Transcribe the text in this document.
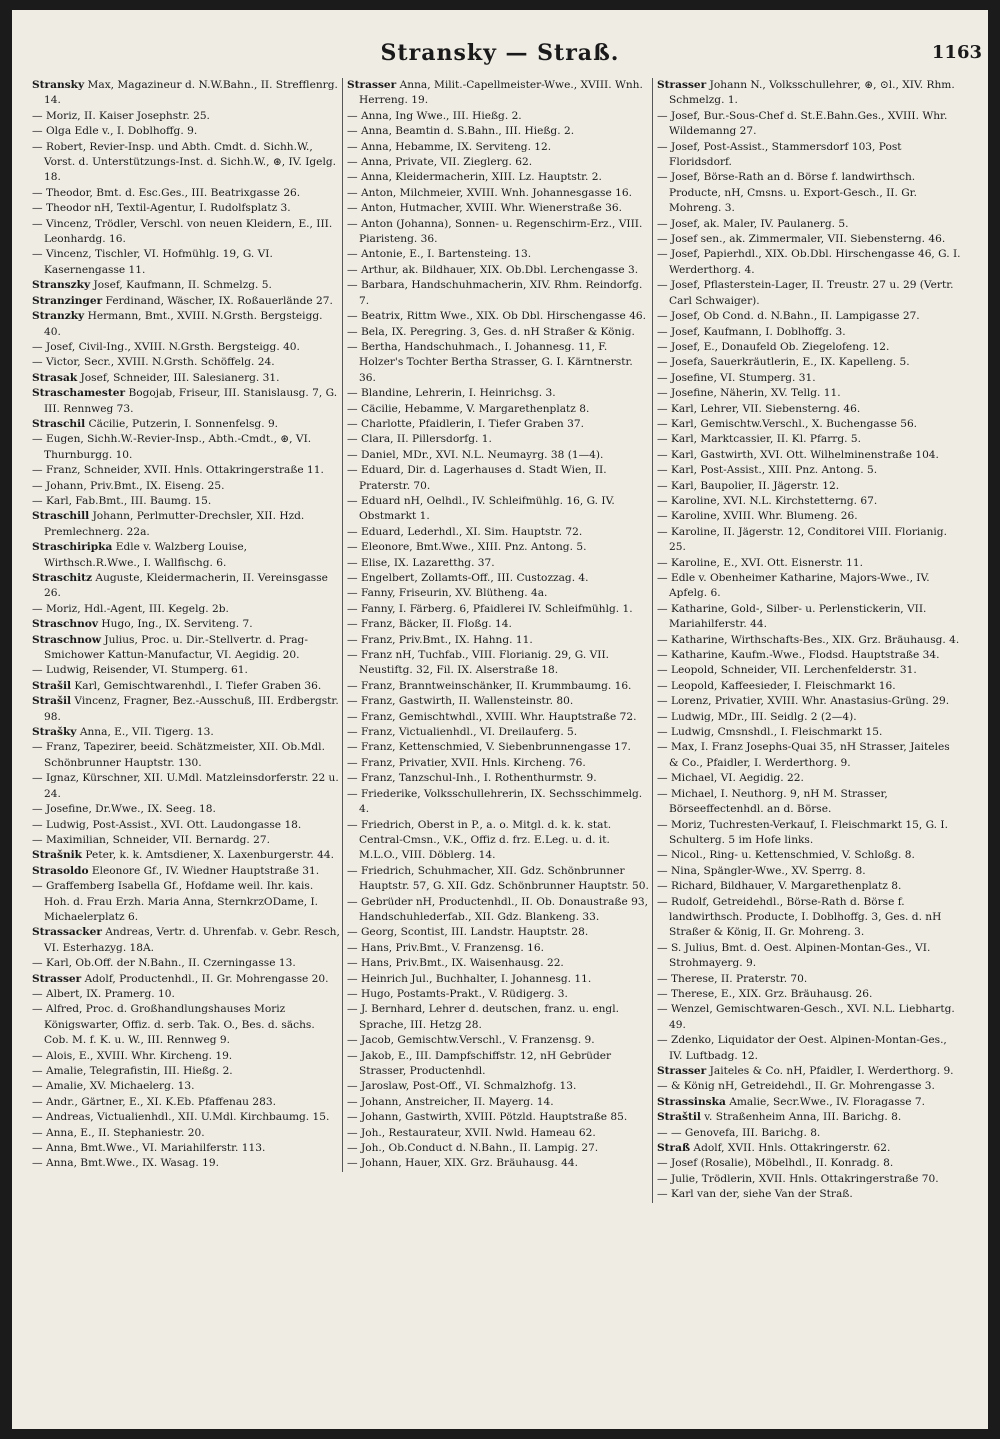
Stransky — Straß.	1163

Stransky Max, Magazineur d. N.W.Bahn., II. Strefflenrg. 14.

— Moriz, II. Kaiser Josephstr. 25.

— Olga Edle v., I. Doblhoffg. 9.

— Robert, Revier-Insp. und Abth. Cmdt. d. Sichh.W., Vorst. d. Unterstützungs-Inst. d. Sichh.W., ⊛, IV. Igelg. 18.

— Theodor, Bmt. d. Esc.Ges., III. Beatrixgasse 26.

— Theodor nH, Textil-Agentur, I. Rudolfsplatz 3.

— Vincenz, Trödler, Verschl. von neuen Kleidern, E., III. Leonhardg. 16.

— Vincenz, Tischler, VI. Hofmühlg. 19, G. VI. Kasernengasse 11.

Stranszky Josef, Kaufmann, II. Schmelzg. 5.

Stranzinger Ferdinand, Wäscher, IX. Roßauerlände 27.

Stranzky Hermann, Bmt., XVIII. N.Grsth. Bergsteigg. 40.

— Josef, Civil-Ing., XVIII. N.Grsth. Bergsteigg. 40.

— Victor, Secr., XVIII. N.Grsth. Schöffelg. 24.

Strasak Josef, Schneider, III. Salesianerg. 31.

Straschamester Bogojab, Friseur, III. Stanislausg. 7, G. III. Rennweg 73.

Straschil Cäcilie, Putzerin, I. Sonnenfelsg. 9.

— Eugen, Sichh.W.-Revier-Insp., Abth.-Cmdt., ⊛, VI. Thurnburgg. 10.

— Franz, Schneider, XVII. Hnls. Ottakringerstraße 11.

— Johann, Priv.Bmt., IX. Eiseng. 25.

— Karl, Fab.Bmt., III. Baumg. 15.

Straschill Johann, Perlmutter-Drechsler, XII. Hzd. Premlechnerg. 22a.

Straschiripka Edle v. Walzberg Louise, Wirthsch.R.Wwe., I. Wallfischg. 6.

Straschitz Auguste, Kleidermacherin, II. Vereinsgasse 26.

— Moriz, Hdl.-Agent, III. Kegelg. 2b.

Straschnov Hugo, Ing., IX. Serviteng. 7.

Straschnow Julius, Proc. u. Dir.-Stellvertr. d. Prag-Smichower Kattun-Manufactur, VI. Aegidig. 20.

— Ludwig, Reisender, VI. Stumperg. 61.

Strašil Karl, Gemischtwarenhdl., I. Tiefer Graben 36.

Strašil Vincenz, Fragner, Bez.-Ausschuß, III. Erdbergstr. 98.

Strašky Anna, E., VII. Tigerg. 13.

— Franz, Tapezirer, beeid. Schätzmeister, XII. Ob.Mdl. Schönbrunner Hauptstr. 130.

— Ignaz, Kürschner, XII. U.Mdl. Matzleinsdorferstr. 22 u. 24.

— Josefine, Dr.Wwe., IX. Seeg. 18.

— Ludwig, Post-Assist., XVI. Ott. Laudongasse 18.

— Maximilian, Schneider, VII. Bernardg. 27.

Strašnik Peter, k. k. Amtsdiener, X. Laxenburgerstr. 44.

Strasoldo Eleonore Gf., IV. Wiedner Hauptstraße 31.

— Graffemberg Isabella Gf., Hofdame weil. Ihr. kais. Hoh. d. Frau Erzh. Maria Anna, SternkrzODame, I. Michaelerplatz 6.

Strassacker Andreas, Vertr. d. Uhrenfab. v. Gebr. Resch, VI. Esterhazyg. 18A.

— Karl, Ob.Off. der N.Bahn., II. Czerningasse 13.

Strasser Adolf, Productenhdl., II. Gr. Mohrengasse 20.

— Albert, IX. Pramerg. 10.

— Alfred, Proc. d. Großhandlungshauses Moriz Königswarter, Offiz. d. serb. Tak. O., Bes. d. sächs. Cob. M. f. K. u. W., III. Rennweg 9.

— Alois, E., XVIII. Whr. Kircheng. 19.

— Amalie, Telegrafistin, III. Hießg. 2.

— Amalie, XV. Michaelerg. 13.

— Andr., Gärtner, E., XI. K.Eb. Pfaffenau 283.

— Andreas, Victualienhdl., XII. U.Mdl. Kirchbaumg. 15.

— Anna, E., II. Stephaniestr. 20.

— Anna, Bmt.Wwe., VI. Mariahilferstr. 113.

— Anna, Bmt.Wwe., IX. Wasag. 19.

Strasser Anna, Milit.-Capellmeister-Wwe., XVIII. Wnh. Herreng. 19.

— Anna, Ing Wwe., III. Hießg. 2.

— Anna, Beamtin d. S.Bahn., III. Hießg. 2.

— Anna, Hebamme, IX. Serviteng. 12.

— Anna, Private, VII. Zieglerg. 62.

— Anna, Kleidermacherin, XIII. Lz. Hauptstr. 2.

— Anton, Milchmeier, XVIII. Wnh. Johannesgasse 16.

— Anton, Hutmacher, XVIII. Whr. Wienerstraße 36.

— Anton (Johanna), Sonnen- u. Regenschirm-Erz., VIII. Piaristeng. 36.

— Antonie, E., I. Bartensteing. 13.

— Arthur, ak. Bildhauer, XIX. Ob.Dbl. Lerchengasse 3.

— Barbara, Handschuhmacherin, XIV. Rhm. Reindorfg. 7.

— Beatrix, Rittm Wwe., XIX. Ob Dbl. Hirschengasse 46.

— Bela, IX. Peregring. 3, Ges. d. nH Straßer & König.

— Bertha, Handschuhmach., I. Johannesg. 11, F. Holzer's Tochter Bertha Strasser, G. I. Kärntnerstr. 36.

— Blandine, Lehrerin, I. Heinrichsg. 3.

— Cäcilie, Hebamme, V. Margarethenplatz 8.

— Charlotte, Pfaidlerin, I. Tiefer Graben 37.

— Clara, II. Pillersdorfg. 1.

— Daniel, MDr., XVI. N.L. Neumayrg. 38 (1—4).

— Eduard, Dir. d. Lagerhauses d. Stadt Wien, II. Praterstr. 70.

— Eduard nH, Oelhdl., IV. Schleifmühlg. 16, G. IV. Obstmarkt 1.

— Eduard, Lederhdl., XI. Sim. Hauptstr. 72.

— Eleonore, Bmt.Wwe., XIII. Pnz. Antong. 5.

— Elise, IX. Lazaretthg. 37.

— Engelbert, Zollamts-Off., III. Custozzag. 4.

— Fanny, Friseurin, XV. Blütheng. 4a.

— Fanny, I. Färberg. 6, Pfaidlerei IV. Schleifmühlg. 1.

— Franz, Bäcker, II. Floßg. 14.

— Franz, Priv.Bmt., IX. Hahng. 11.

— Franz nH, Tuchfab., VIII. Florianig. 29, G. VII. Neustiftg. 32, Fil. IX. Alserstraße 18.

— Franz, Branntweinschänker, II. Krummbaumg. 16.

— Franz, Gastwirth, II. Wallensteinstr. 80.

— Franz, Gemischtwhdl., XVIII. Whr. Hauptstraße 72.

— Franz, Victualienhdl., VI. Dreilauferg. 5.

— Franz, Kettenschmied, V. Siebenbrunnengasse 17.

— Franz, Privatier, XVII. Hnls. Kircheng. 76.

— Franz, Tanzschul-Inh., I. Rothenthurmstr. 9.

— Friederike, Volksschullehrerin, IX. Sechsschimmelg. 4.

— Friedrich, Oberst in P., a. o. Mitgl. d. k. k. stat. Central-Cmsn., V.K., Offiz d. frz. E.Leg. u. d. it. M.L.O., VIII. Döblerg. 14.

— Friedrich, Schuhmacher, XII. Gdz. Schönbrunner Hauptstr. 57, G. XII. Gdz. Schönbrunner Hauptstr. 50.

— Gebrüder nH, Productenhdl., II. Ob. Donaustraße 93, Handschuhlederfab., XII. Gdz. Blankeng. 33.

— Georg, Scontist, III. Landstr. Hauptstr. 28.

— Hans, Priv.Bmt., V. Franzensg. 16.

— Hans, Priv.Bmt., IX. Waisenhausg. 22.

— Heinrich Jul., Buchhalter, I. Johannesg. 11.

— Hugo, Postamts-Prakt., V. Rüdigerg. 3.

— J. Bernhard, Lehrer d. deutschen, franz. u. engl. Sprache, III. Hetzg 28.

— Jacob, Gemischtw.Verschl., V. Franzensg. 9.

— Jakob, E., III. Dampfschiffstr. 12, nH Gebrüder Strasser, Productenhdl.

— Jaroslaw, Post-Off., VI. Schmalzhofg. 13.

— Johann, Anstreicher, II. Mayerg. 14.

— Johann, Gastwirth, XVIII. Pötzld. Hauptstraße 85.

— Joh., Restaurateur, XVII. Nwld. Hameau 62.

— Joh., Ob.Conduct d. N.Bahn., II. Lampig. 27.

— Johann, Hauer, XIX. Grz. Bräuhausg. 44.

Strasser Johann N., Volksschullehrer, ⊛, ⊙l., XIV. Rhm. Schmelzg. 1.

— Josef, Bur.-Sous-Chef d. St.E.Bahn.Ges., XVIII. Whr. Wildemanng 27.

— Josef, Post-Assist., Stammersdorf 103, Post Floridsdorf.

— Josef, Börse-Rath an d. Börse f. landwirthsch. Producte, nH, Cmsns. u. Export-Gesch., II. Gr. Mohreng. 3.

— Josef, ak. Maler, IV. Paulanerg. 5.

— Josef sen., ak. Zimmermaler, VII. Siebensterng. 46.

— Josef, Papierhdl., XIX. Ob.Dbl. Hirschengasse 46, G. I. Werderthorg. 4.

— Josef, Pflasterstein-Lager, II. Treustr. 27 u. 29 (Vertr. Carl Schwaiger).

— Josef, Ob Cond. d. N.Bahn., II. Lampigasse 27.

— Josef, Kaufmann, I. Doblhoffg. 3.

— Josef, E., Donaufeld Ob. Ziegelofeng. 12.

— Josefa, Sauerkräutlerin, E., IX. Kapelleng. 5.

— Josefine, VI. Stumperg. 31.

— Josefine, Näherin, XV. Tellg. 11.

— Karl, Lehrer, VII. Siebensterng. 46.

— Karl, Gemischtw.Verschl., X. Buchengasse 56.

— Karl, Marktcassier, II. Kl. Pfarrg. 5.

— Karl, Gastwirth, XVI. Ott. Wilhelminenstraße 104.

— Karl, Post-Assist., XIII. Pnz. Antong. 5.

— Karl, Baupolier, II. Jägerstr. 12.

— Karoline, XVI. N.L. Kirchstetterng. 67.

— Karoline, XVIII. Whr. Blumeng. 26.

— Karoline, II. Jägerstr. 12, Conditorei VIII. Florianig. 25.

— Karoline, E., XVI. Ott. Eisnerstr. 11.

— Edle v. Obenheimer Katharine, Majors-Wwe., IV. Apfelg. 6.

— Katharine, Gold-, Silber- u. Perlenstickerin, VII. Mariahilferstr. 44.

— Katharine, Wirthschafts-Bes., XIX. Grz. Bräuhausg. 4.

— Katharine, Kaufm.-Wwe., Flodsd. Hauptstraße 34.

— Leopold, Schneider, VII. Lerchenfelderstr. 31.

— Leopold, Kaffeesieder, I. Fleischmarkt 16.

— Lorenz, Privatier, XVIII. Whr. Anastasius-Grüng. 29.

— Ludwig, MDr., III. Seidlg. 2 (2—4).

— Ludwig, Cmsnshdl., I. Fleischmarkt 15.

— Max, I. Franz Josephs-Quai 35, nH Strasser, Jaiteles & Co., Pfaidler, I. Werderthorg. 9.

— Michael, VI. Aegidig. 22.

— Michael, I. Neuthorg. 9, nH M. Strasser, Börseeffectenhdl. an d. Börse.

— Moriz, Tuchresten-Verkauf, I. Fleischmarkt 15, G. I. Schulterg. 5 im Hofe links.

— Nicol., Ring- u. Kettenschmied, V. Schloßg. 8.

— Nina, Spängler-Wwe., XV. Sperrg. 8.

— Richard, Bildhauer, V. Margarethenplatz 8.

— Rudolf, Getreidehdl., Börse-Rath d. Börse f. landwirthsch. Producte, I. Doblhoffg. 3, Ges. d. nH Straßer & König, II. Gr. Mohreng. 3.

— S. Julius, Bmt. d. Oest. Alpinen-Montan-Ges., VI. Strohmayerg. 9.

— Therese, II. Praterstr. 70.

— Therese, E., XIX. Grz. Bräuhausg. 26.

— Wenzel, Gemischtwaren-Gesch., XVI. N.L. Liebhartg. 49.

— Zdenko, Liquidator der Oest. Alpinen-Montan-Ges., IV. Luftbadg. 12.

Strasser Jaiteles & Co. nH, Pfaidler, I. Werderthorg. 9.

— & König nH, Getreidehdl., II. Gr. Mohrengasse 3.

Strassinska Amalie, Secr.Wwe., IV. Floragasse 7.

Straštil v. Straßenheim Anna, III. Barichg. 8.

— — Genovefa, III. Barichg. 8.

Straß Adolf, XVII. Hnls. Ottakringerstr. 62.

— Josef (Rosalie), Möbelhdl., II. Konradg. 8.

— Julie, Trödlerin, XVII. Hnls. Ottakringerstraße 70.

— Karl van der, siehe Van der Straß.
